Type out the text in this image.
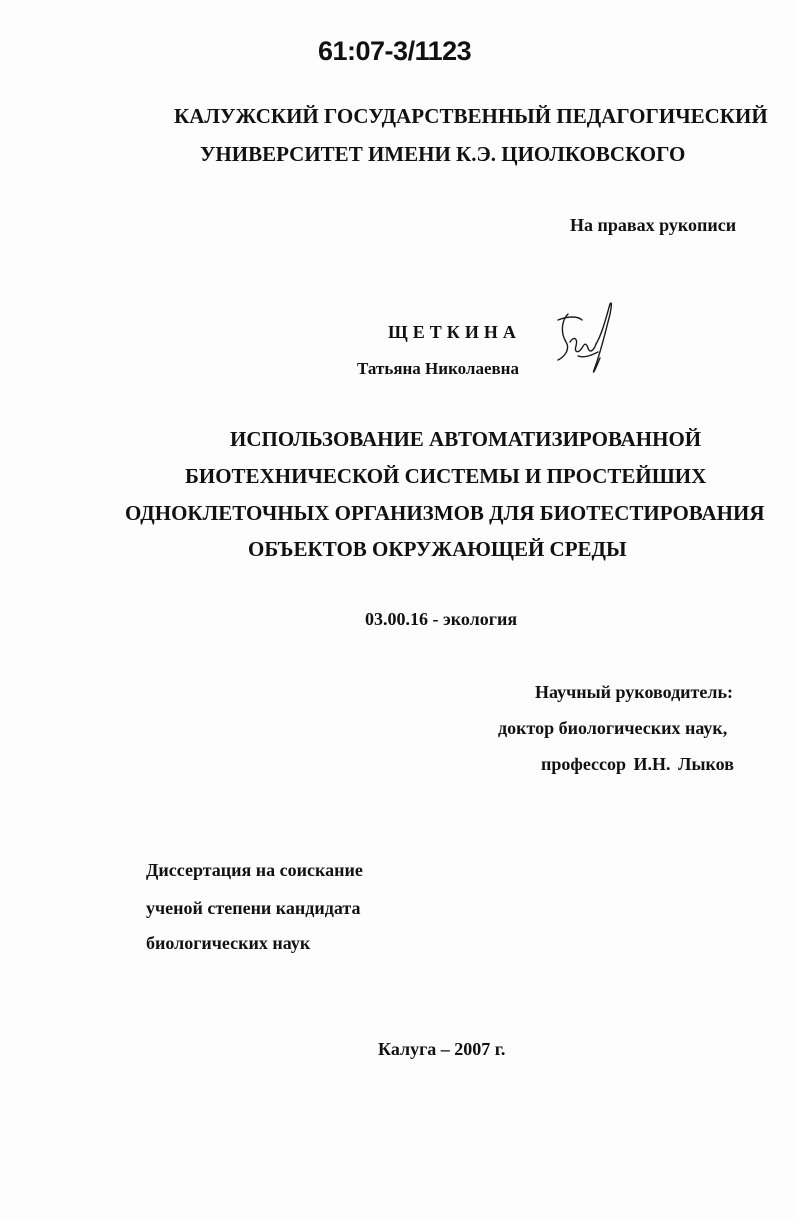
61:07-3/1123
КАЛУЖСКИЙ ГОСУДАРСТВЕННЫЙ ПЕДАГОГИЧЕСКИЙ
УНИВЕРСИТЕТ ИМЕНИ К.Э. ЦИОЛКОВСКОГО
На правах рукописи
ЩЕТКИНА
Татьяна Николаевна
ИСПОЛЬЗОВАНИЕ АВТОМАТИЗИРОВАННОЙ
БИОТЕХНИЧЕСКОЙ СИСТЕМЫ И ПРОСТЕЙШИХ
ОДНОКЛЕТОЧНЫХ ОРГАНИЗМОВ ДЛЯ БИОТЕСТИРОВАНИЯ
ОБЪЕКТОВ ОКРУЖАЮЩЕЙ СРЕДЫ
03.00.16 - экология
Научный руководитель:
доктор биологических наук,
профессор И.Н. Лыков
Диссертация на соискание
ученой степени кандидата
биологических наук
Калуга – 2007 г.
